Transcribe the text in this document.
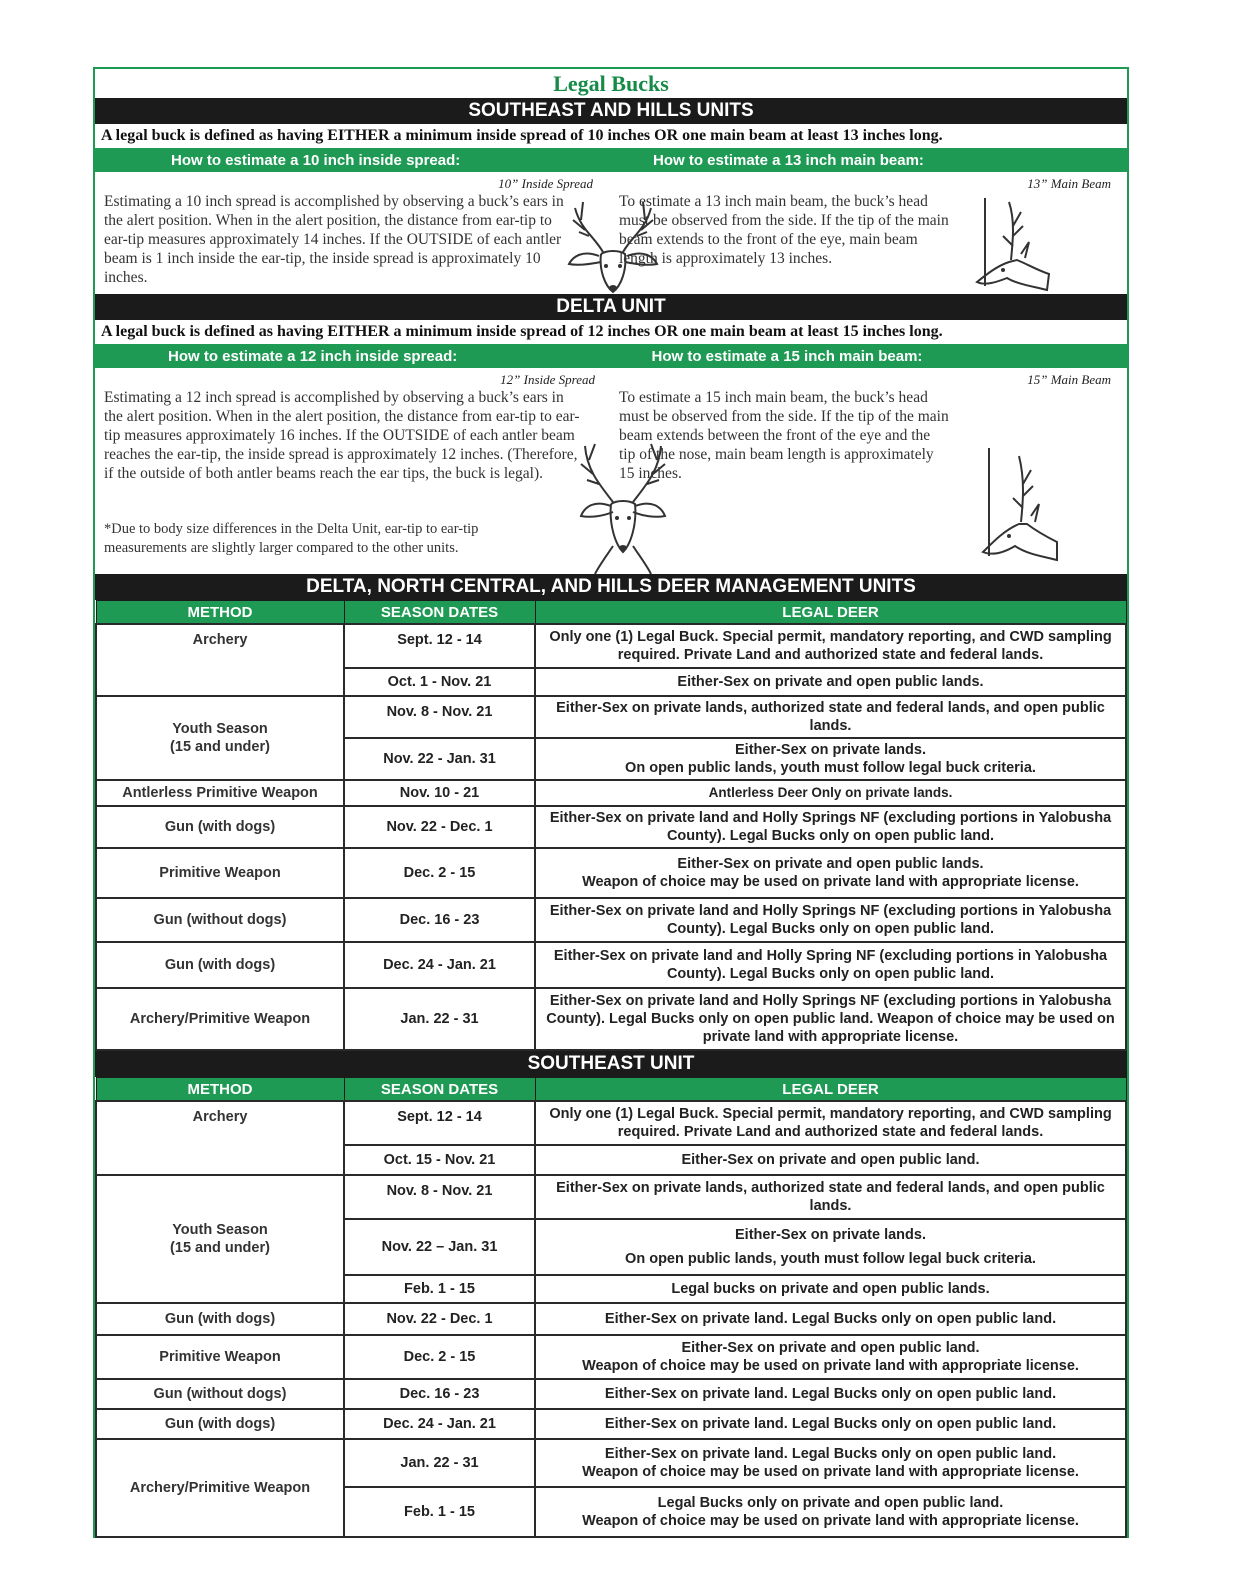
Legal Bucks
SOUTHEAST AND HILLS UNITS
A legal buck is defined as having EITHER a minimum inside spread of 10 inches OR one main beam at least 13 inches long.
How to estimate a 10 inch inside spread:	How to estimate a 13 inch main beam:
10” Inside Spread
Estimating a 10 inch spread is accomplished by observing a buck’s ears in the alert position. When in the alert position, the distance from ear-tip to ear-tip measures approximately 14 inches. If the OUTSIDE of each antler beam is 1 inch inside the ear-tip, the inside spread is approximately 10 inches.
13” Main Beam
To estimate a 13 inch main beam, the buck’s head must be observed from the side. If the tip of the main beam extends to the front of the eye, main beam length is approximately 13 inches.
DELTA UNIT
A legal buck is defined as having EITHER a minimum inside spread of 12 inches OR one main beam at least 15 inches long.
How to estimate a 12 inch inside spread:	How to estimate a 15 inch main beam:
12” Inside Spread
Estimating a 12 inch spread is accomplished by observing a buck’s ears in the alert position. When in the alert position, the distance from ear-tip to ear-tip measures approximately 16 inches. If the OUTSIDE of each antler beam reaches the ear-tip, the inside spread is approximately 12 inches. (Therefore, if the outside of both antler beams reach the ear tips, the buck is legal).
*Due to body size differences in the Delta Unit, ear-tip to ear-tip measurements are slightly larger compared to the other units.
15” Main Beam
To estimate a 15 inch main beam, the buck’s head must be observed from the side. If the tip of the main beam extends between the front of the eye and the tip of the nose, main beam length is approximately 15 inches.
DELTA, NORTH CENTRAL, AND HILLS DEER MANAGEMENT UNITS
METHOD	SEASON DATES	LEGAL DEER
Archery	Sept. 12 - 14	Only one (1) Legal Buck. Special permit, mandatory reporting, and CWD sampling required. Private Land and authorized state and federal lands.
	Oct. 1 - Nov. 21	Either-Sex on private and open public lands.
Youth Season
(15 and under)	Nov. 8 - Nov. 21	Either-Sex on private lands, authorized state and federal lands, and open public lands.
	Nov. 22 - Jan. 31	Either-Sex on private lands.
On open public lands, youth must follow legal buck criteria.
Antlerless Primitive Weapon	Nov. 10 - 21	Antlerless Deer Only on private lands.
Gun (with dogs)	Nov. 22 - Dec. 1	Either-Sex on private land and Holly Springs NF (excluding portions in Yalobusha County). Legal Bucks only on open public land.
Primitive Weapon	Dec. 2 - 15	Either-Sex on private and open public lands.
Weapon of choice may be used on private land with appropriate license.
Gun (without dogs)	Dec. 16 - 23	Either-Sex on private land and Holly Springs NF (excluding portions in Yalobusha County). Legal Bucks only on open public land.
Gun (with dogs)	Dec. 24 - Jan. 21	Either-Sex on private land and Holly Spring NF (excluding portions in Yalobusha County). Legal Bucks only on open public land.
Archery/Primitive Weapon	Jan. 22 - 31	Either-Sex on private land and Holly Springs NF (excluding portions in Yalobusha County). Legal Bucks only on open public land. Weapon of choice may be used on private land with appropriate license.
SOUTHEAST UNIT
METHOD	SEASON DATES	LEGAL DEER
Archery	Sept. 12 - 14	Only one (1) Legal Buck. Special permit, mandatory reporting, and CWD sampling required. Private Land and authorized state and federal lands.
	Oct. 15 - Nov. 21	Either-Sex on private and open public land.
Youth Season
(15 and under)	Nov. 8 - Nov. 21	Either-Sex on private lands, authorized state and federal lands, and open public lands.
	Nov. 22 – Jan. 31	Either-Sex on private lands.
On open public lands, youth must follow legal buck criteria.
	Feb. 1 - 15	Legal bucks on private and open public lands.
Gun (with dogs)	Nov. 22 - Dec. 1	Either-Sex on private land. Legal Bucks only on open public land.
Primitive Weapon	Dec. 2 - 15	Either-Sex on private and open public land.
Weapon of choice may be used on private land with appropriate license.
Gun (without dogs)	Dec. 16 - 23	Either-Sex on private land. Legal Bucks only on open public land.
Gun (with dogs)	Dec. 24 - Jan. 21	Either-Sex on private land. Legal Bucks only on open public land.
Archery/Primitive Weapon	Jan. 22 - 31	Either-Sex on private land. Legal Bucks only on open public land.
Weapon of choice may be used on private land with appropriate license.
	Feb. 1 - 15	Legal Bucks only on private and open public land.
Weapon of choice may be used on private land with appropriate license.
